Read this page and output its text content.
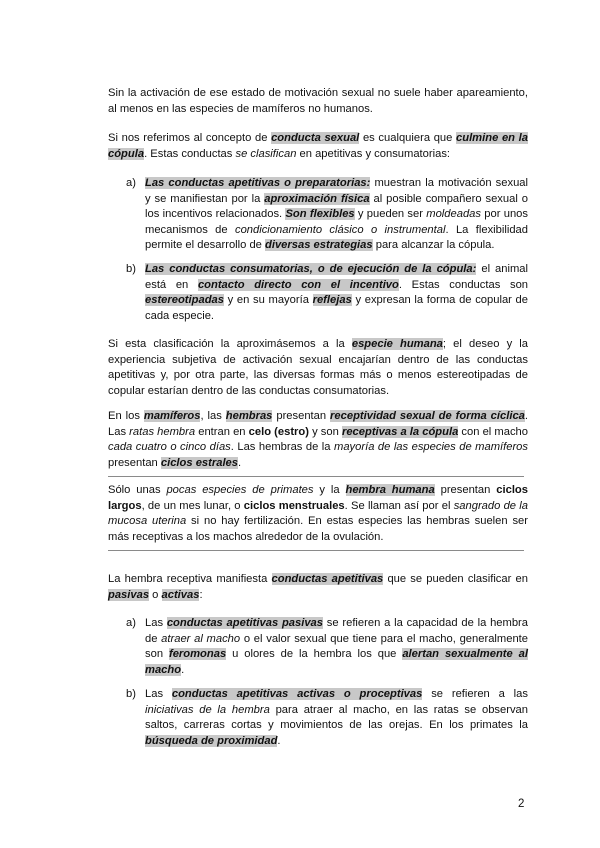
Sin la activación de ese estado de motivación sexual no suele haber apareamiento, al menos en las especies de mamíferos no humanos.

Si nos referimos al concepto de conducta sexual es cualquiera que culmine en la cópula. Estas conductas se clasifican en apetitivas y consumatorias:

a) Las conductas apetitivas o preparatorias: muestran la motivación sexual y se manifiestan por la aproximación física al posible compañero sexual o los incentivos relacionados. Son flexibles y pueden ser moldeadas por unos mecanismos de condicionamiento clásico o instrumental. La flexibilidad permite el desarrollo de diversas estrategias para alcanzar la cópula.

b) Las conductas consumatorias, o de ejecución de la cópula: el animal está en contacto directo con el incentivo. Estas conductas son estereotipadas y en su mayoría reflejas y expresan la forma de copular de cada especie.

Si esta clasificación la aproximásemos a la especie humana; el deseo y la experiencia subjetiva de activación sexual encajarían dentro de las conductas apetitivas y, por otra parte, las diversas formas más o menos estereotipadas de copular estarían dentro de las conductas consumatorias.

En los mamíferos, las hembras presentan receptividad sexual de forma cíclica. Las ratas hembra entran en celo (estro) y son receptivas a la cópula con el macho cada cuatro o cinco días. Las hembras de la mayoría de las especies de mamíferos presentan ciclos estrales.

Sólo unas pocas especies de primates y la hembra humana presentan ciclos largos, de un mes lunar, o ciclos menstruales. Se llaman así por el sangrado de la mucosa uterina si no hay fertilización. En estas especies las hembras suelen ser más receptivas a los machos alrededor de la ovulación.

La hembra receptiva manifiesta conductas apetitivas que se pueden clasificar en pasivas o activas:

a) Las conductas apetitivas pasivas se refieren a la capacidad de la hembra de atraer al macho o el valor sexual que tiene para el macho, generalmente son feromonas u olores de la hembra los que alertan sexualmente al macho.

b) Las conductas apetitivas activas o proceptivas se refieren a las iniciativas de la hembra para atraer al macho, en las ratas se observan saltos, carreras cortas y movimientos de las orejas. En los primates la búsqueda de proximidad.

2
